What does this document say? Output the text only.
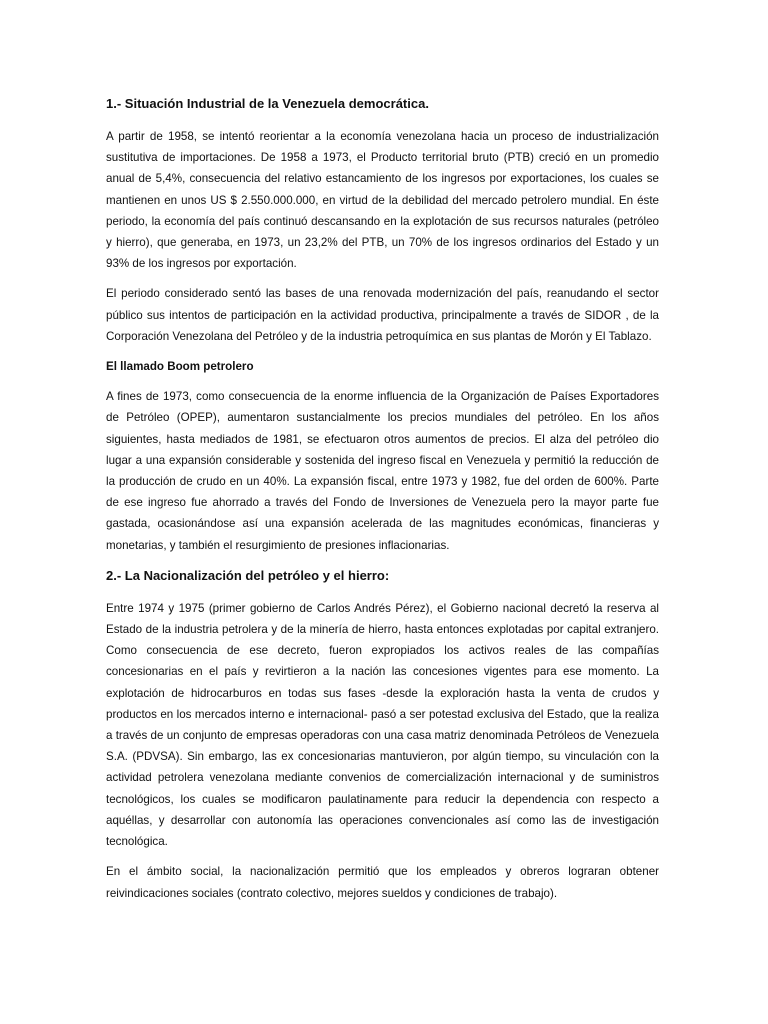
1.- Situación Industrial de la Venezuela democrática.

A partir de 1958, se intentó reorientar a la economía venezolana hacia un proceso de industrialización sustitutiva de importaciones. De 1958 a 1973, el Producto territorial bruto (PTB) creció en un promedio anual de 5,4%, consecuencia del relativo estancamiento de los ingresos por exportaciones, los cuales se mantienen en unos US $ 2.550.000.000, en virtud de la debilidad del mercado petrolero mundial. En éste periodo, la economía del país continuó descansando en la explotación de sus recursos naturales (petróleo y hierro), que generaba, en 1973, un 23,2% del PTB, un 70% de los ingresos ordinarios del Estado y un 93% de los ingresos por exportación.

El periodo considerado sentó las bases de una renovada modernización del país, reanudando el sector público sus intentos de participación en la actividad productiva, principalmente a través de SIDOR , de la Corporación Venezolana del Petróleo y de la industria petroquímica en sus plantas de Morón y El Tablazo.

El llamado Boom petrolero

A fines de 1973, como consecuencia de la enorme influencia de la Organización de Países Exportadores de Petróleo (OPEP), aumentaron sustancialmente los precios mundiales del petróleo. En los años siguientes, hasta mediados de 1981, se efectuaron otros aumentos de precios. El alza del petróleo dio lugar a una expansión considerable y sostenida del ingreso fiscal en Venezuela y permitió la reducción de la producción de crudo en un 40%. La expansión fiscal, entre 1973 y 1982, fue del orden de 600%. Parte de ese ingreso fue ahorrado a través del Fondo de Inversiones de Venezuela pero la mayor parte fue gastada, ocasionándose así una expansión acelerada de las magnitudes económicas, financieras y monetarias, y también el resurgimiento de presiones inflacionarias.

2.- La Nacionalización del petróleo y el hierro:

Entre 1974 y 1975 (primer gobierno de Carlos Andrés Pérez), el Gobierno nacional decretó la reserva al Estado de la industria petrolera y de la minería de hierro, hasta entonces explotadas por capital extranjero. Como consecuencia de ese decreto, fueron expropiados los activos reales de las compañías concesionarias en el país y revirtieron a la nación las concesiones vigentes para ese momento. La explotación de hidrocarburos en todas sus fases -desde la exploración hasta la venta de crudos y productos en los mercados interno e internacional- pasó a ser potestad exclusiva del Estado, que la realiza a través de un conjunto de empresas operadoras con una casa matriz denominada Petróleos de Venezuela S.A. (PDVSA). Sin embargo, las ex concesionarias mantuvieron, por algún tiempo, su vinculación con la actividad petrolera venezolana mediante convenios de comercialización internacional y de suministros tecnológicos, los cuales se modificaron paulatinamente para reducir la dependencia con respecto a aquéllas, y desarrollar con autonomía las operaciones convencionales así como las de investigación tecnológica.

En el ámbito social, la nacionalización permitió que los empleados y obreros lograran obtener reivindicaciones sociales (contrato colectivo, mejores sueldos y condiciones de trabajo).
